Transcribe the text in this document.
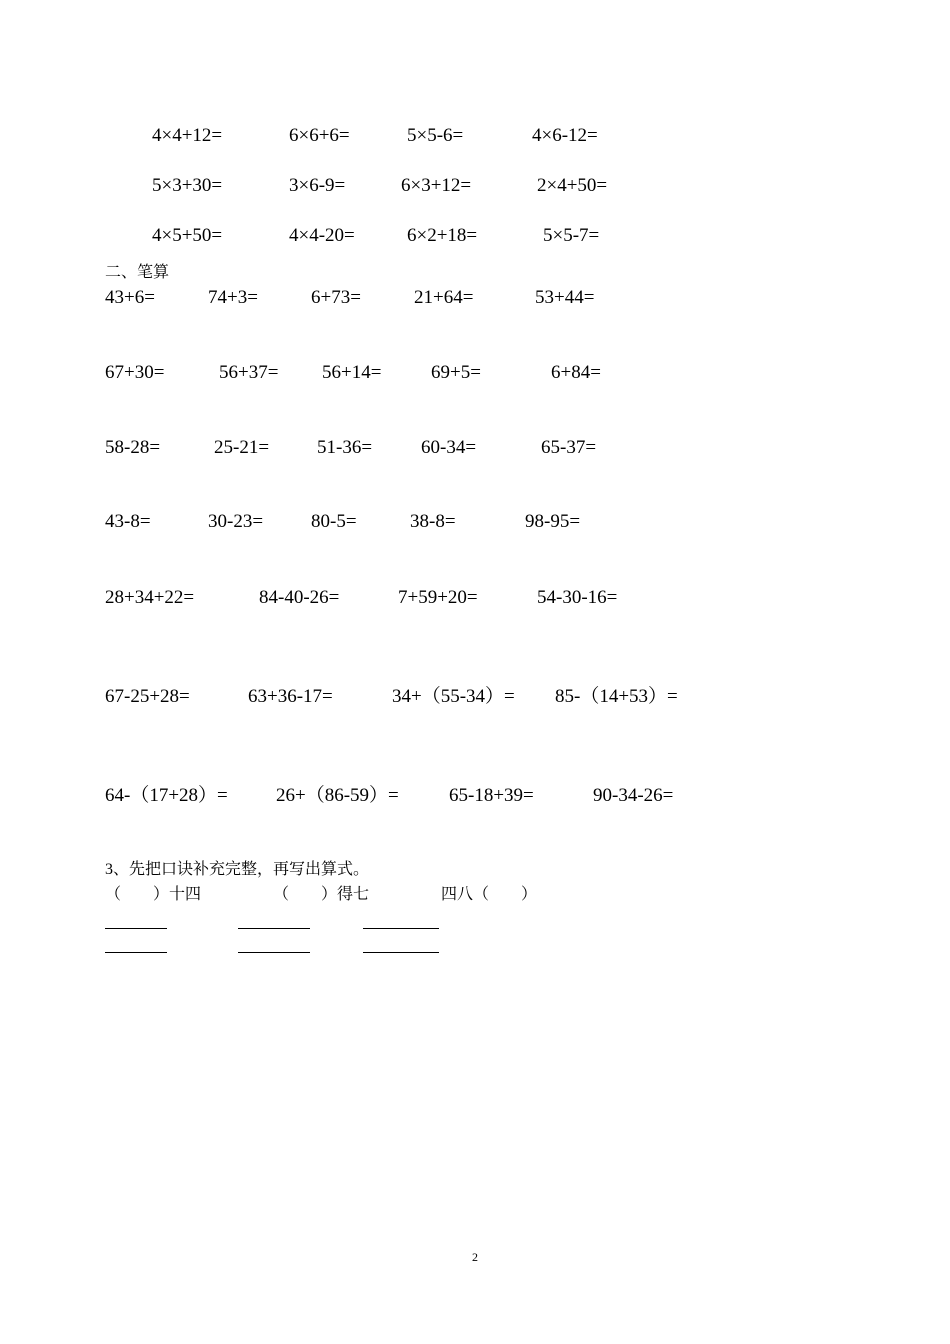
4×4+12=	6×6+6=	5×5-6=	4×6-12=
5×3+30=	3×6-9=	6×3+12=	2×4+50=
4×5+50=	4×4-20=	6×2+18=	5×5-7=
二、笔算
43+6=	74+3=	6+73=	21+64=	53+44=
67+30=	56+37= 56+14=	69+5=	6+84=
58-28=	25-21=	51-36=	60-34=	65-37=
43-8=	30-23=	80-5=	38-8=	98-95=
28+34+22=	84-40-26=	7+59+20=	54-30-16=
67-25+28=	63+36-17=	34+（55-34）= 85-（14+53）=
64-（17+28）=	26+（86-59）=	65-18+39=	90-34-26=
3、先把口诀补充完整，再写出算式。
（　　）十四	（　　）得七	四八（　　）
2
